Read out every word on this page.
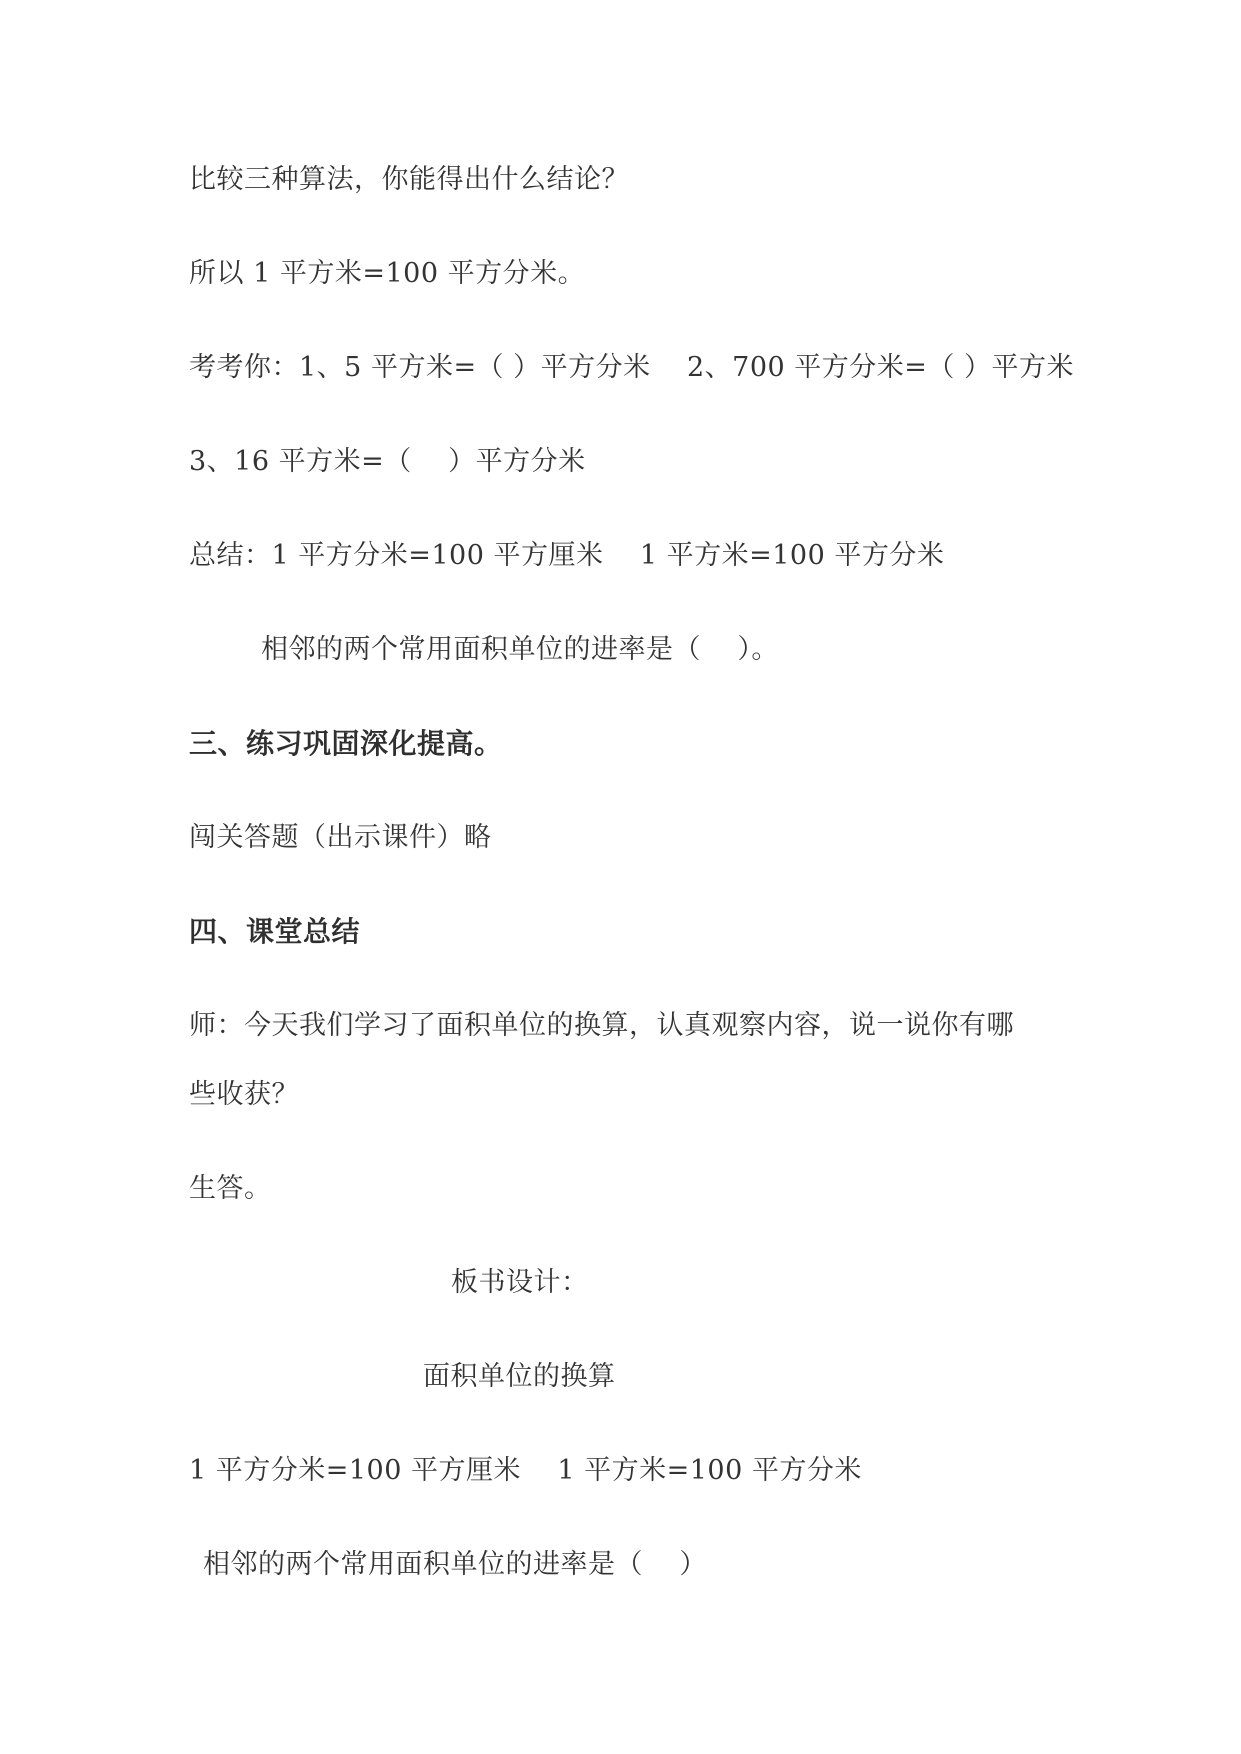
比较三种算法，你能得出什么结论？
所以 1 平方米=100 平方分米。
考考你：1、5 平方米=（ ）平方分米    2、700 平方分米=（ ）平方米
3、16 平方米=（    ）平方分米
总结：1 平方分米=100 平方厘米    1 平方米=100 平方分米
相邻的两个常用面积单位的进率是（    ）。
三、练习巩固深化提高。
闯关答题（出示课件）略
四、课堂总结
师：今天我们学习了面积单位的换算，认真观察内容，说一说你有哪
些收获？
生答。
板书设计：
面积单位的换算
1 平方分米=100 平方厘米    1 平方米=100 平方分米
相邻的两个常用面积单位的进率是（    ）
